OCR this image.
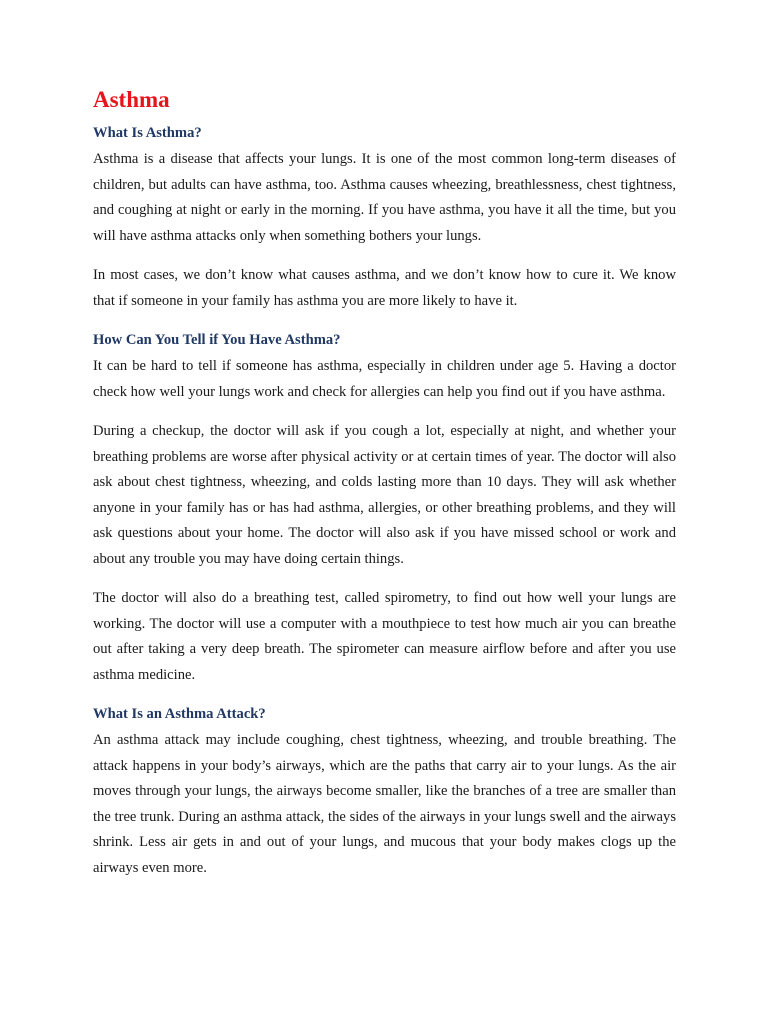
Asthma
What Is Asthma?

Asthma is a disease that affects your lungs. It is one of the most common long-term diseases of children, but adults can have asthma, too. Asthma causes wheezing, breathlessness, chest tightness, and coughing at night or early in the morning. If you have asthma, you have it all the time, but you will have asthma attacks only when something bothers your lungs.

In most cases, we don’t know what causes asthma, and we don’t know how to cure it. We know that if someone in your family has asthma you are more likely to have it.

How Can You Tell if You Have Asthma?

It can be hard to tell if someone has asthma, especially in children under age 5. Having a doctor check how well your lungs work and check for allergies can help you find out if you have asthma.

During a checkup, the doctor will ask if you cough a lot, especially at night, and whether your breathing problems are worse after physical activity or at certain times of year. The doctor will also ask about chest tightness, wheezing, and colds lasting more than 10 days. They will ask whether anyone in your family has or has had asthma, allergies, or other breathing problems, and they will ask questions about your home. The doctor will also ask if you have missed school or work and about any trouble you may have doing certain things.

The doctor will also do a breathing test, called spirometry, to find out how well your lungs are working. The doctor will use a computer with a mouthpiece to test how much air you can breathe out after taking a very deep breath. The spirometer can measure airflow before and after you use asthma medicine.

What Is an Asthma Attack?

An asthma attack may include coughing, chest tightness, wheezing, and trouble breathing. The attack happens in your body’s airways, which are the paths that carry air to your lungs. As the air moves through your lungs, the airways become smaller, like the branches of a tree are smaller than the tree trunk. During an asthma attack, the sides of the airways in your lungs swell and the airways shrink. Less air gets in and out of your lungs, and mucous that your body makes clogs up the airways even more.
